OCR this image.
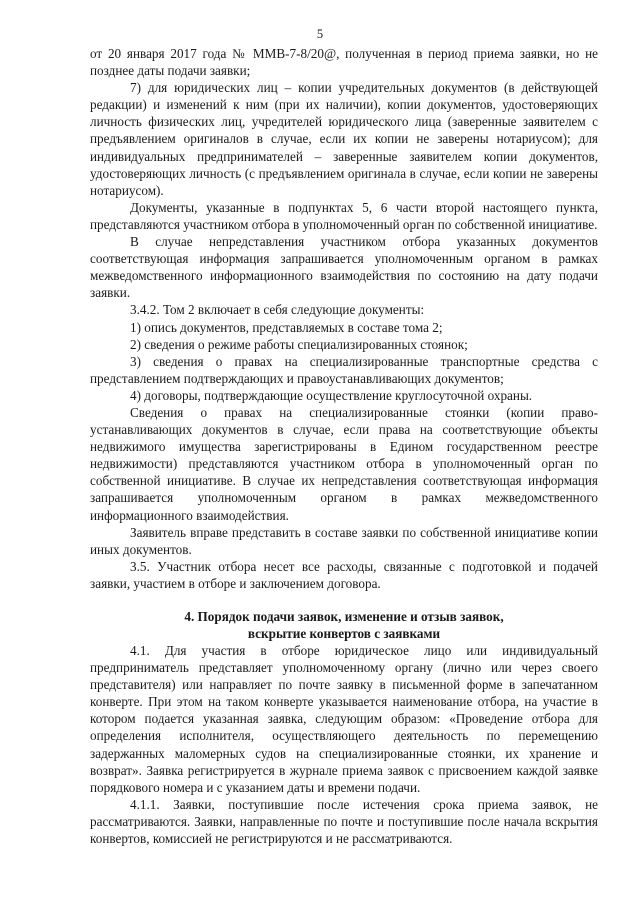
5

от 20 января 2017 года № ММВ-7-8/20@, полученная в период приема заявки, но не позднее даты подачи заявки;

7) для юридических лиц – копии учредительных документов (в действующей редакции) и изменений к ним (при их наличии), копии документов, удостоверяющих личность физических лиц, учредителей юридического лица (заверенные заявителем с предъявлением оригиналов в случае, если их копии не заверены нотариусом); для индивидуальных предпринимателей – заверенные заявителем копии документов, удостоверяющих личность (с предъявлением оригинала в случае, если копии не заверены нотариусом).

Документы, указанные в подпунктах 5, 6 части второй настоящего пункта, представляются участником отбора в уполномоченный орган по собственной инициативе.

В случае непредставления участником отбора указанных документов соответствующая информация запрашивается уполномоченным органом в рамках межведомственного информационного взаимодействия по состоянию на дату подачи заявки.

3.4.2. Том 2 включает в себя следующие документы:

1) опись документов, представляемых в составе тома 2;

2) сведения о режиме работы специализированных стоянок;

3) сведения о правах на специализированные транспортные средства с представлением подтверждающих и правоустанавливающих документов;

4) договоры, подтверждающие осуществление круглосуточной охраны.

Сведения о правах на специализированные стоянки (копии право-устанавливающих документов в случае, если права на соответствующие объекты недвижимого имущества зарегистрированы в Едином государственном реестре недвижимости) представляются участником отбора в уполномоченный орган по собственной инициативе. В случае их непредставления соответствующая информация запрашивается уполномоченным органом в рамках межведомственного информационного взаимодействия.

Заявитель вправе представить в составе заявки по собственной инициативе копии иных документов.

3.5. Участник отбора несет все расходы, связанные с подготовкой и подачей заявки, участием в отборе и заключением договора.

4. Порядок подачи заявок, изменение и отзыв заявок,
вскрытие конвертов с заявками

4.1. Для участия в отборе юридическое лицо или индивидуальный предприниматель представляет уполномоченному органу (лично или через своего представителя) или направляет по почте заявку в письменной форме в запечатанном конверте. При этом на таком конверте указывается наименование отбора, на участие в котором подается указанная заявка, следующим образом: «Проведение отбора для определения исполнителя, осуществляющего деятельность по перемещению задержанных маломерных судов на специализированные стоянки, их хранение и возврат». Заявка регистрируется в журнале приема заявок с присвоением каждой заявке порядкового номера и с указанием даты и времени подачи.

4.1.1. Заявки, поступившие после истечения срока приема заявок, не рассматриваются. Заявки, направленные по почте и поступившие после начала вскрытия конвертов, комиссией не регистрируются и не рассматриваются.
